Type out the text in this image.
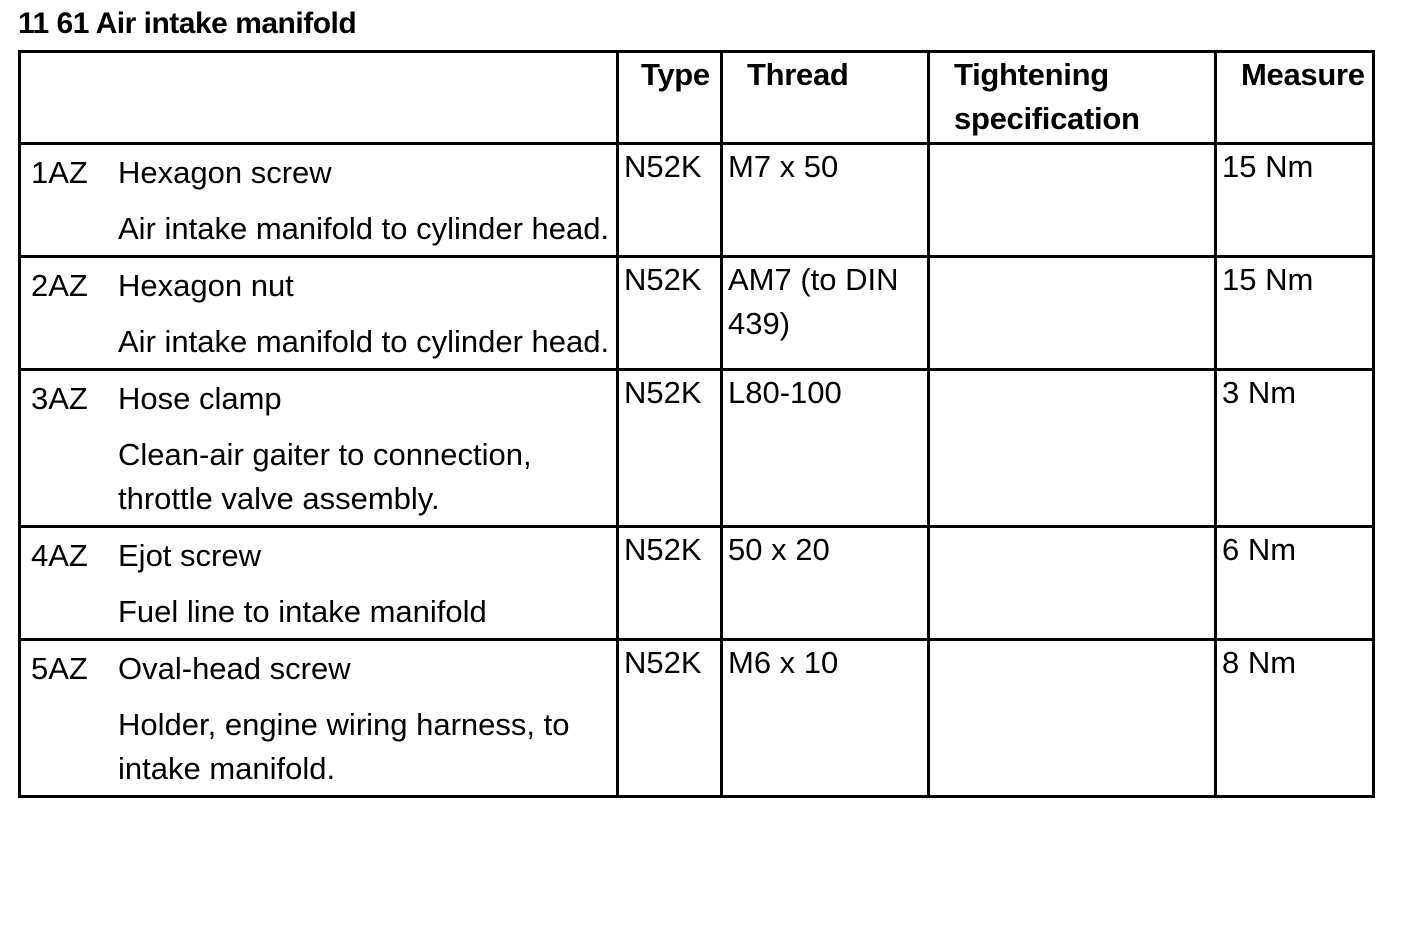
11 61 Air intake manifold
	Type	Thread	Tightening specification	Measure

1AZ Hexagon screw
Air intake manifold to cylinder head.	N52K	M7 x 50		15 Nm

2AZ Hexagon nut
Air intake manifold to cylinder head.	N52K	AM7 (to DIN 439)		15 Nm

3AZ Hose clamp
Clean-air gaiter to connection, throttle valve assembly.	N52K	L80-100		3 Nm

4AZ Ejot screw
Fuel line to intake manifold	N52K	50 x 20		6 Nm

5AZ Oval-head screw
Holder, engine wiring harness, to intake manifold.	N52K	M6 x 10		8 Nm
